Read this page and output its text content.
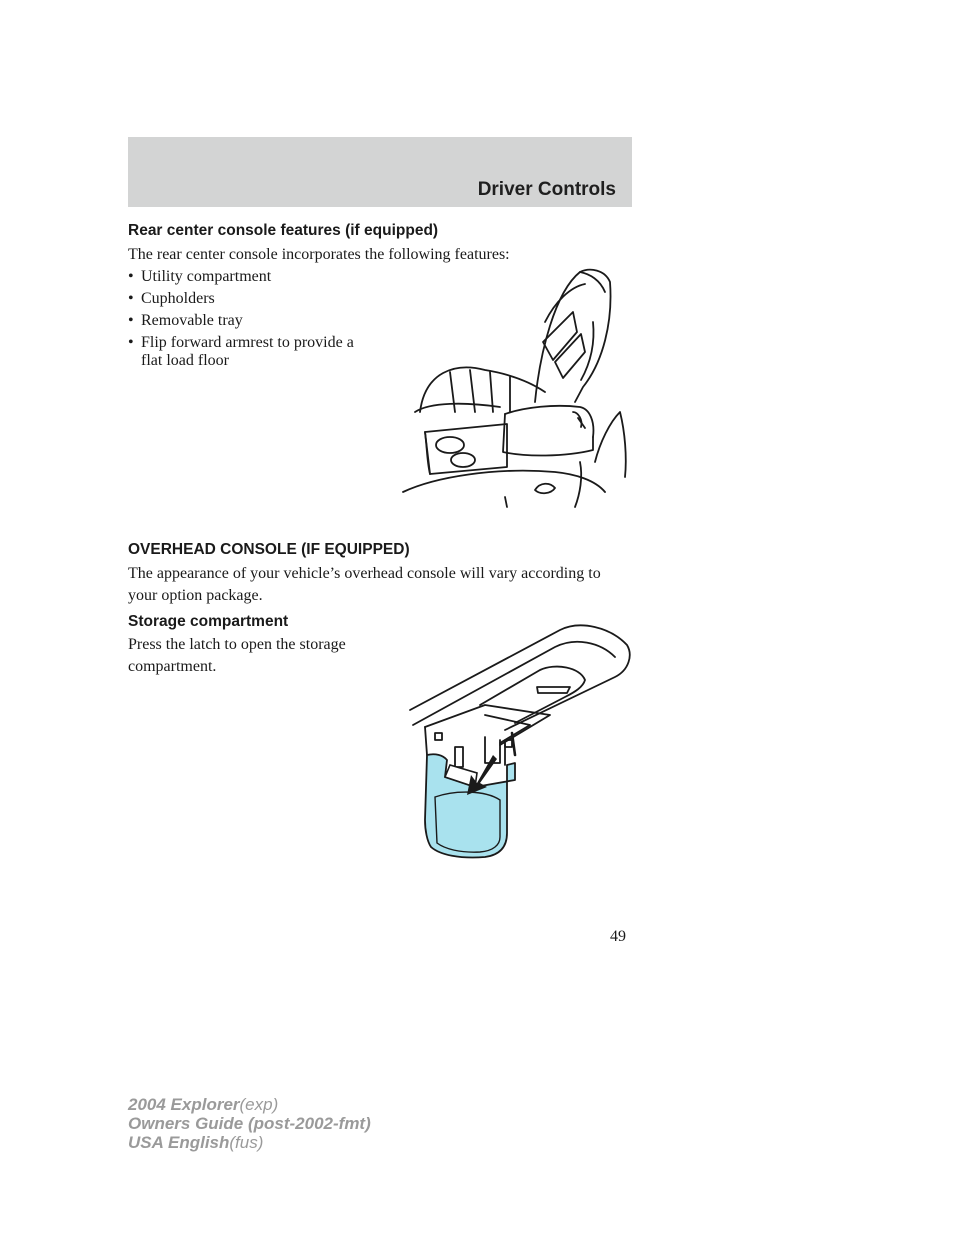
Driver Controls
Rear center console features (if equipped)
The rear center console incorporates the following features:
• Utility compartment
• Cupholders
• Removable tray
• Flip forward armrest to provide a
flat load floor
OVERHEAD CONSOLE (IF EQUIPPED)
The appearance of your vehicle’s overhead console will vary according to
your option package.
Storage compartment
Press the latch to open the storage
compartment.
49
2004 Explorer(exp)
Owners Guide (post-2002-fmt)
USA English(fus)
